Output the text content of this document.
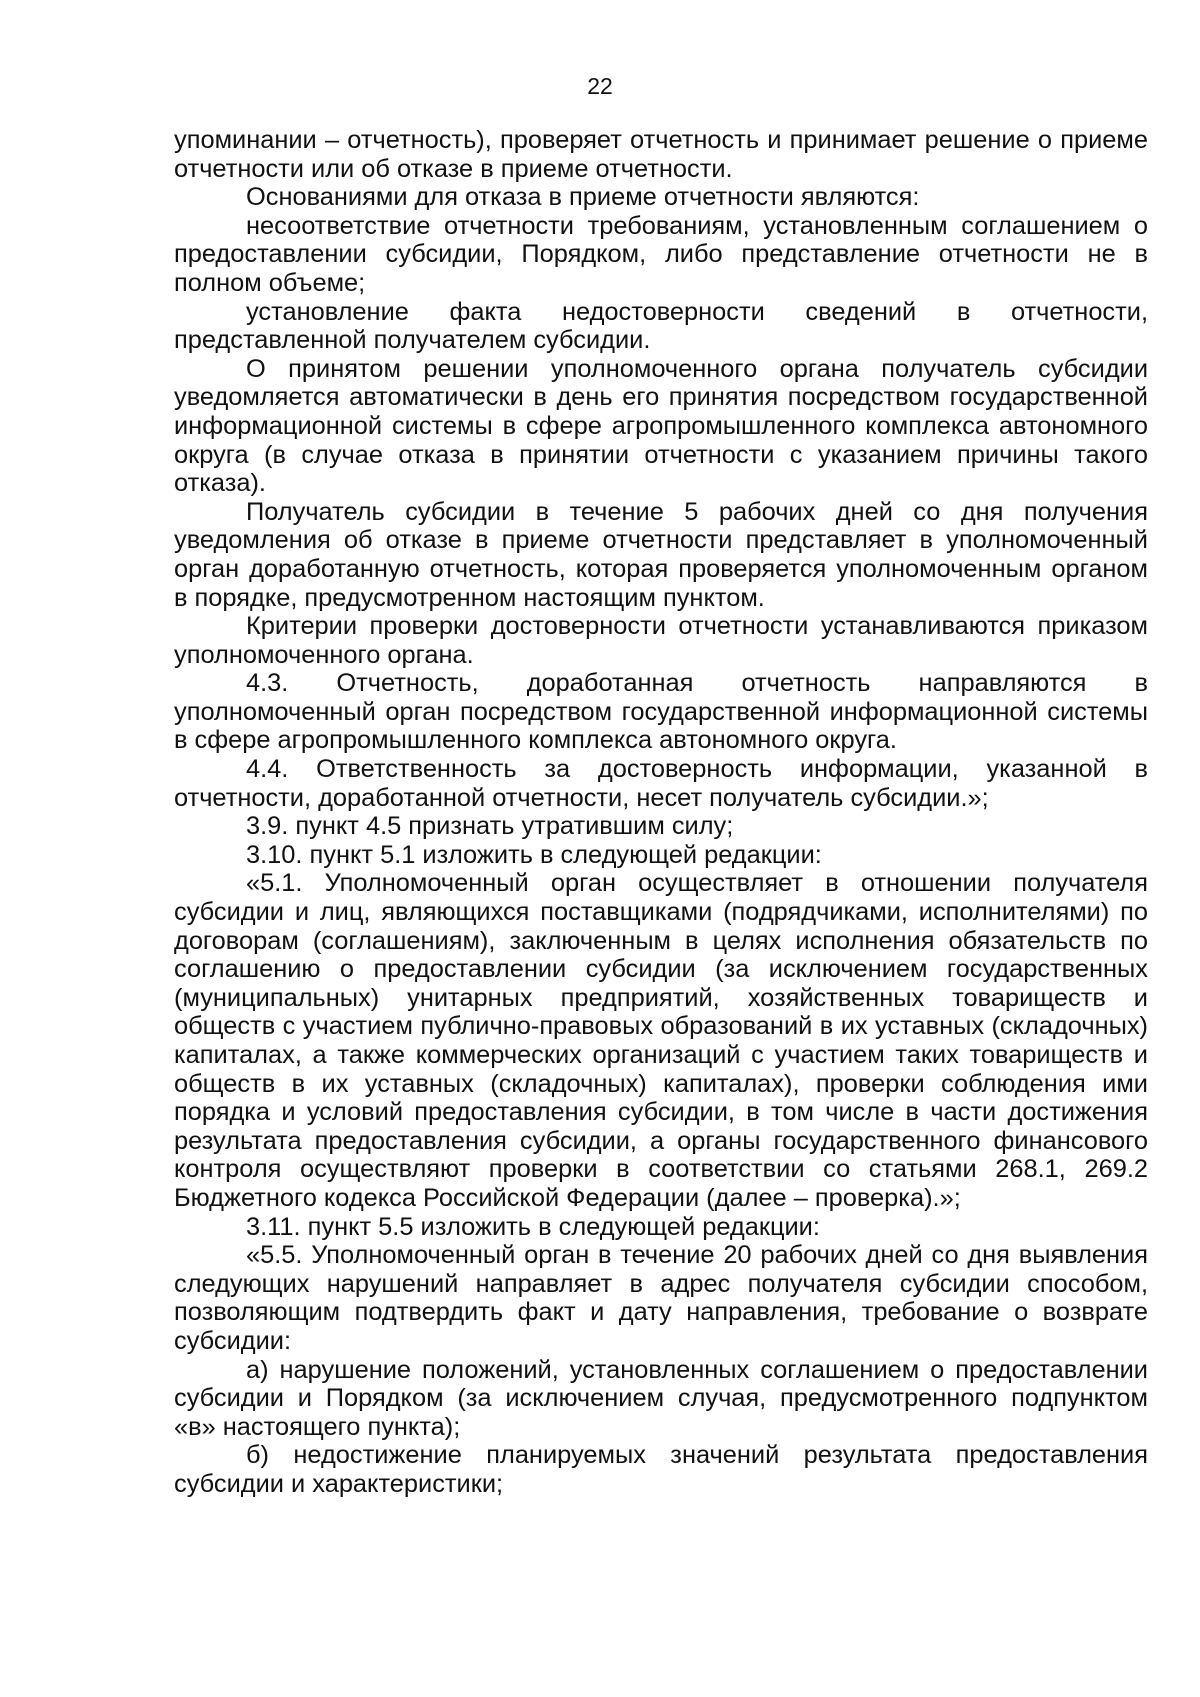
22

упоминании – отчетность), проверяет отчетность и принимает решение о приеме отчетности или об отказе в приеме отчетности.

Основаниями для отказа в приеме отчетности являются:

несоответствие отчетности требованиям, установленным соглашением о предоставлении субсидии, Порядком, либо представление отчетности не в полном объеме;

установление факта недостоверности сведений в отчетности, представленной получателем субсидии.

О принятом решении уполномоченного органа получатель субсидии уведомляется автоматически в день его принятия посредством государственной информационной системы в сфере агропромышленного комплекса автономного округа (в случае отказа в принятии отчетности с указанием причины такого отказа).

Получатель субсидии в течение 5 рабочих дней со дня получения уведомления об отказе в приеме отчетности представляет в уполномоченный орган доработанную отчетность, которая проверяется уполномоченным органом в порядке, предусмотренном настоящим пунктом.

Критерии проверки достоверности отчетности устанавливаются приказом уполномоченного органа.

4.3. Отчетность, доработанная отчетность направляются в уполномоченный орган посредством государственной информационной системы в сфере агропромышленного комплекса автономного округа.

4.4. Ответственность за достоверность информации, указанной в отчетности, доработанной отчетности, несет получатель субсидии.»;

3.9. пункт 4.5 признать утратившим силу;

3.10. пункт 5.1 изложить в следующей редакции:

«5.1. Уполномоченный орган осуществляет в отношении получателя субсидии и лиц, являющихся поставщиками (подрядчиками, исполнителями) по договорам (соглашениям), заключенным в целях исполнения обязательств по соглашению о предоставлении субсидии (за исключением государственных (муниципальных) унитарных предприятий, хозяйственных товариществ и обществ с участием публично-правовых образований в их уставных (складочных) капиталах, а также коммерческих организаций с участием таких товариществ и обществ в их уставных (складочных) капиталах), проверки соблюдения ими порядка и условий предоставления субсидии, в том числе в части достижения результата предоставления субсидии, а органы государственного финансового контроля осуществляют проверки в соответствии со статьями 268.1, 269.2 Бюджетного кодекса Российской Федерации (далее – проверка).»;

3.11. пункт 5.5 изложить в следующей редакции:

«5.5. Уполномоченный орган в течение 20 рабочих дней со дня выявления следующих нарушений направляет в адрес получателя субсидии способом, позволяющим подтвердить факт и дату направления, требование о возврате субсидии:

а) нарушение положений, установленных соглашением о предоставлении субсидии и Порядком (за исключением случая, предусмотренного подпунктом «в» настоящего пункта);

б) недостижение планируемых значений результата предоставления субсидии и характеристики;
